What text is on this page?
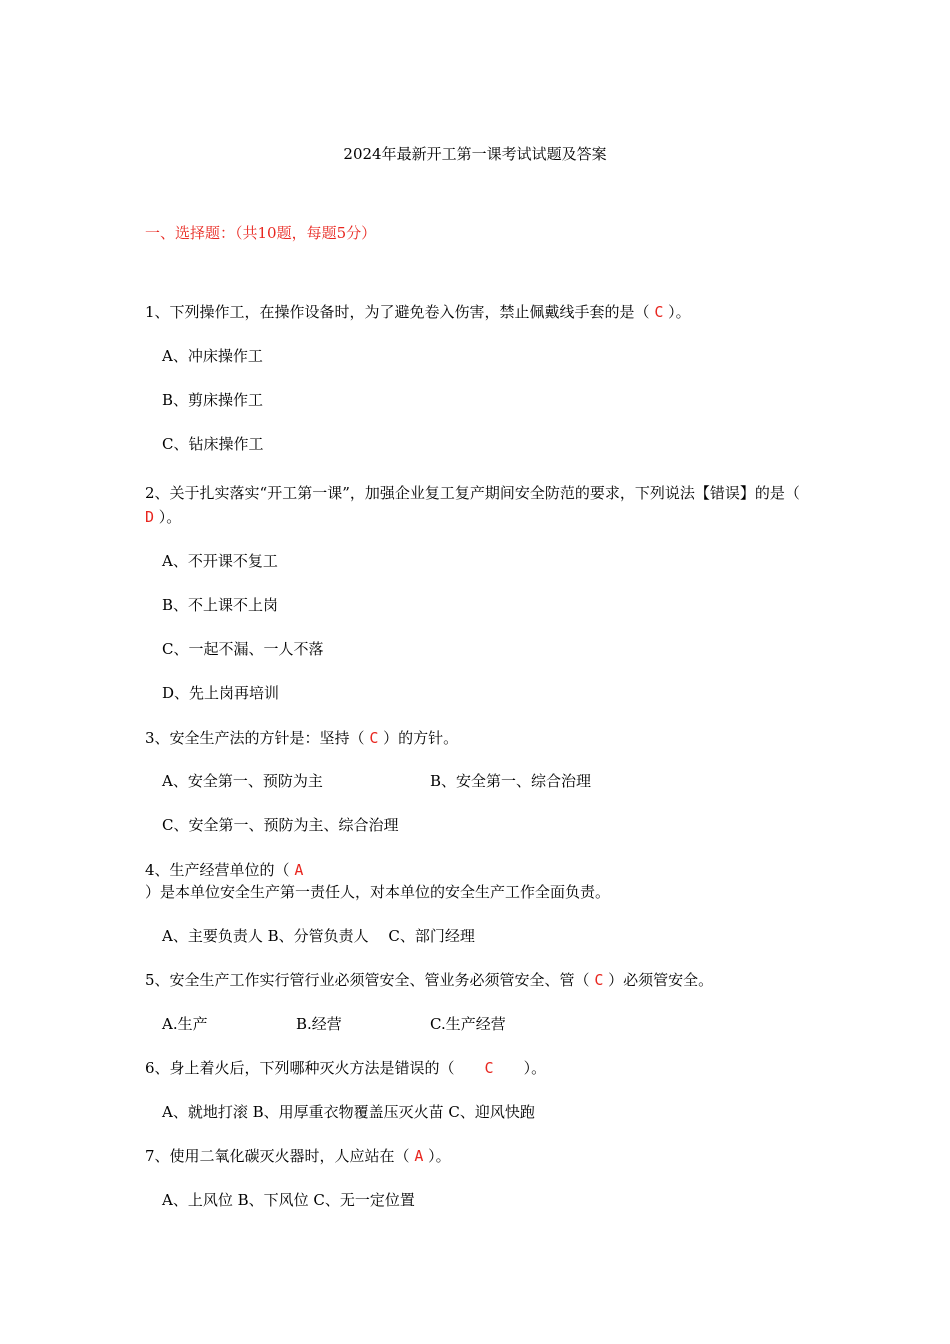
2024年最新开工第一课考试试题及答案
一、选择题：（共10题，每题5分）
1、下列操作工，在操作设备时，为了避免卷入伤害，禁止佩戴线手套的是（ C ）。
A、冲床操作工
B、剪床操作工
C、钻床操作工
2、关于扎实落实“开工第一课”，加强企业复工复产期间安全防范的要求，下列说法【错误】的是（ D ）。
A、不开课不复工
B、不上课不上岗
C、一起不漏、一人不落
D、先上岗再培训
3、安全生产法的方针是：坚持（ C ）的方针。
A、安全第一、预防为主	B、安全第一、综合治理
C、安全第一、预防为主、综合治理
4、生产经营单位的（ A
）是本单位安全生产第一责任人，对本单位的安全生产工作全面负责。
A、主要负责人 B、分管负责人　 C、部门经理
5、安全生产工作实行管行业必须管安全、管业务必须管安全、管（ C ）必须管安全。
A.生产	B.经营	C.生产经营
6、身上着火后，下列哪种灭火方法是错误的（　　C　　）。
A、就地打滚 B、用厚重衣物覆盖压灭火苗 C、迎风快跑
7、使用二氧化碳灭火器时，人应站在（ A ）。
A、上风位 B、下风位 C、无一定位置
